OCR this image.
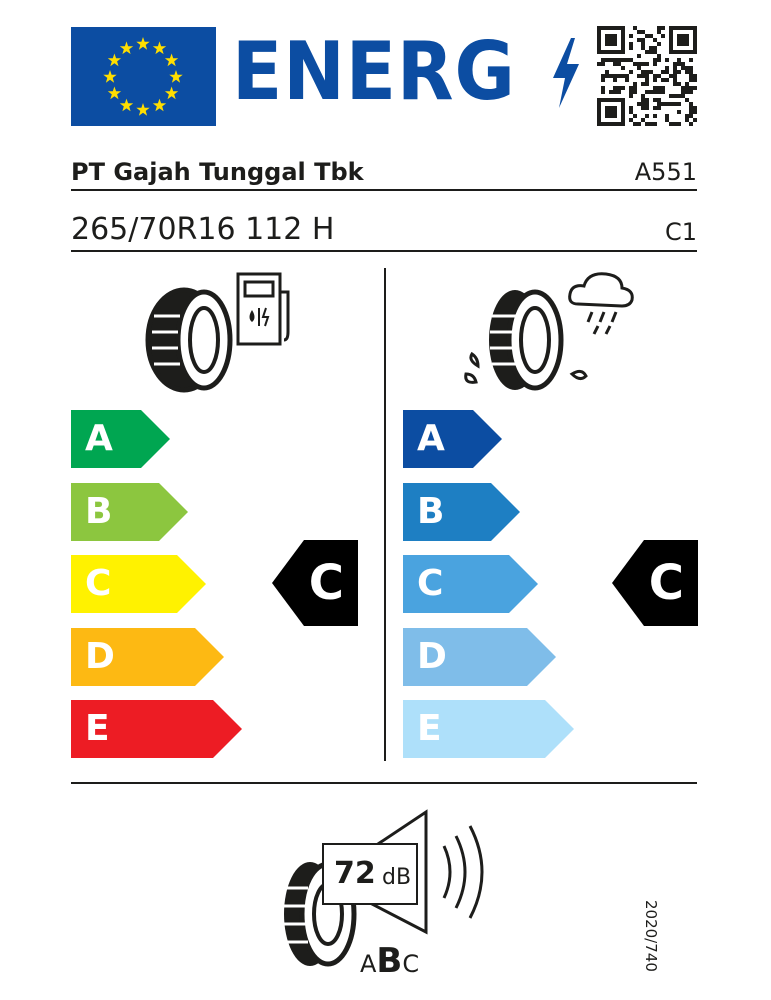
ENERG
PT Gajah Tunggal Tbk	A551
265/70R16 112 H	C1
A
B
C
D
E
C
A
B
C
D
E
C
72 dB
ABC	2020/740
